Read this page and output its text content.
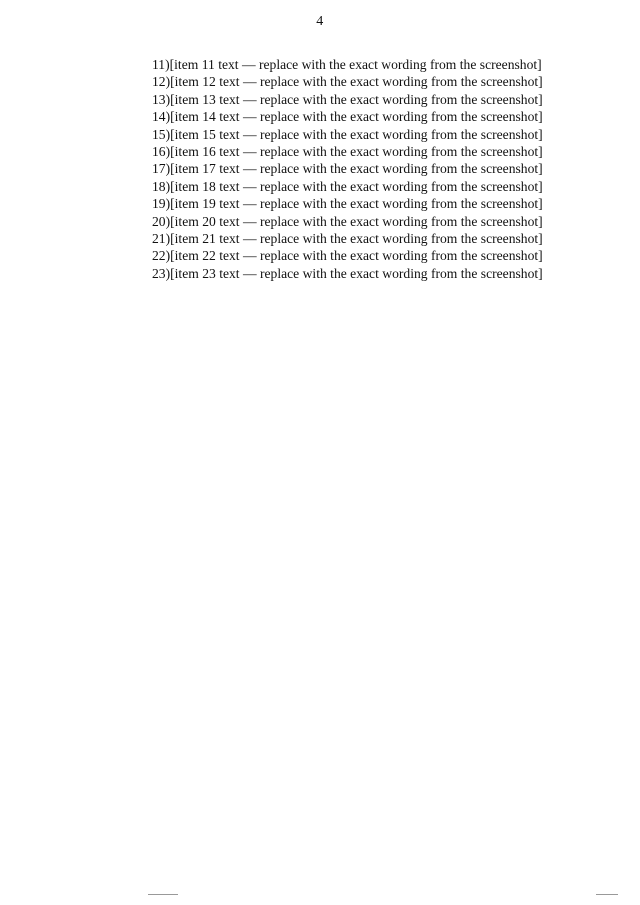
4

11)[item 11 text — replace with the exact wording from the screenshot]

12)[item 12 text — replace with the exact wording from the screenshot]

13)[item 13 text — replace with the exact wording from the screenshot]

14)[item 14 text — replace with the exact wording from the screenshot]

15)[item 15 text — replace with the exact wording from the screenshot]

16)[item 16 text — replace with the exact wording from the screenshot]

17)[item 17 text — replace with the exact wording from the screenshot]

18)[item 18 text — replace with the exact wording from the screenshot]

19)[item 19 text — replace with the exact wording from the screenshot]

20)[item 20 text — replace with the exact wording from the screenshot]

21)[item 21 text — replace with the exact wording from the screenshot]

22)[item 22 text — replace with the exact wording from the screenshot]

23)[item 23 text — replace with the exact wording from the screenshot]
